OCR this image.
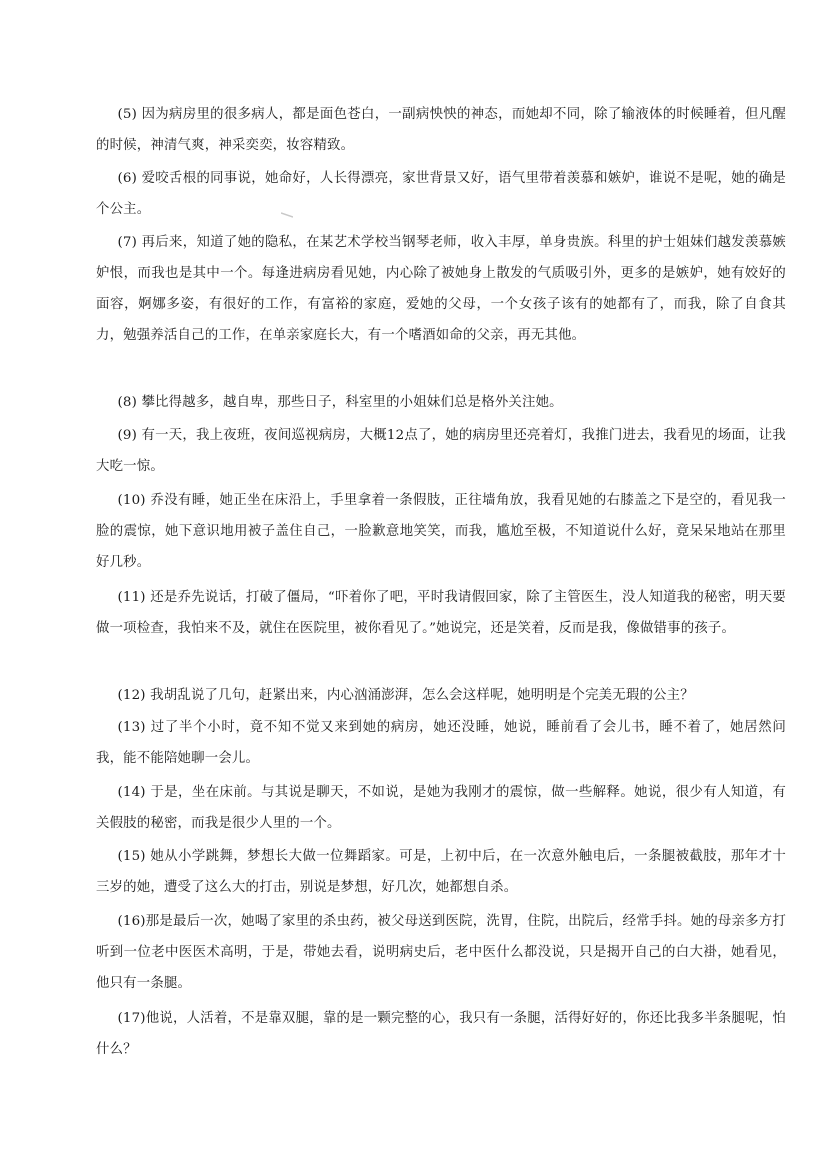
(5) 因为病房里的很多病人，都是面色苍白，一副病怏怏的神态，而她却不同，除了输液体的时候睡着，但凡醒的时候，神清气爽，神采奕奕，妆容精致。

(6) 爱咬舌根的同事说，她命好，人长得漂亮，家世背景又好，语气里带着羡慕和嫉妒，谁说不是呢，她的确是个公主。

(7) 再后来，知道了她的隐私，在某艺术学校当钢琴老师，收入丰厚，单身贵族。科里的护士姐妹们越发羡慕嫉妒恨，而我也是其中一个。每逢进病房看见她，内心除了被她身上散发的气质吸引外，更多的是嫉妒，她有姣好的面容，婀娜多姿，有很好的工作，有富裕的家庭，爱她的父母，一个女孩子该有的她都有了，而我，除了自食其力，勉强养活自己的工作，在单亲家庭长大，有一个嗜酒如命的父亲，再无其他。

(8) 攀比得越多，越自卑，那些日子，科室里的小姐妹们总是格外关注她。

(9) 有一天，我上夜班，夜间巡视病房，大概12点了，她的病房里还亮着灯，我推门进去，我看见的场面，让我大吃一惊。

(10) 乔没有睡，她正坐在床沿上，手里拿着一条假肢，正往墙角放，我看见她的右膝盖之下是空的，看见我一脸的震惊，她下意识地用被子盖住自己，一脸歉意地笑笑，而我，尴尬至极，不知道说什么好，竟呆呆地站在那里好几秒。

(11) 还是乔先说话，打破了僵局，“吓着你了吧，平时我请假回家，除了主管医生，没人知道我的秘密，明天要做一项检查，我怕来不及，就住在医院里，被你看见了。”她说完，还是笑着，反而是我，像做错事的孩子。

(12) 我胡乱说了几句，赶紧出来，内心汹涌澎湃，怎么会这样呢，她明明是个完美无瑕的公主？

(13) 过了半个小时，竟不知不觉又来到她的病房，她还没睡，她说，睡前看了会儿书，睡不着了，她居然问我，能不能陪她聊一会儿。

(14) 于是，坐在床前。与其说是聊天，不如说，是她为我刚才的震惊，做一些解释。她说，很少有人知道，有关假肢的秘密，而我是很少人里的一个。

(15) 她从小学跳舞，梦想长大做一位舞蹈家。可是，上初中后，在一次意外触电后，一条腿被截肢，那年才十三岁的她，遭受了这么大的打击，别说是梦想，好几次，她都想自杀。

(16)那是最后一次，她喝了家里的杀虫药，被父母送到医院，洗胃，住院，出院后，经常手抖。她的母亲多方打听到一位老中医医术高明，于是，带她去看，说明病史后，老中医什么都没说，只是揭开自己的白大褂，她看见，他只有一条腿。

(17)他说，人活着，不是靠双腿，靠的是一颗完整的心，我只有一条腿，活得好好的，你还比我多半条腿呢，怕什么？
